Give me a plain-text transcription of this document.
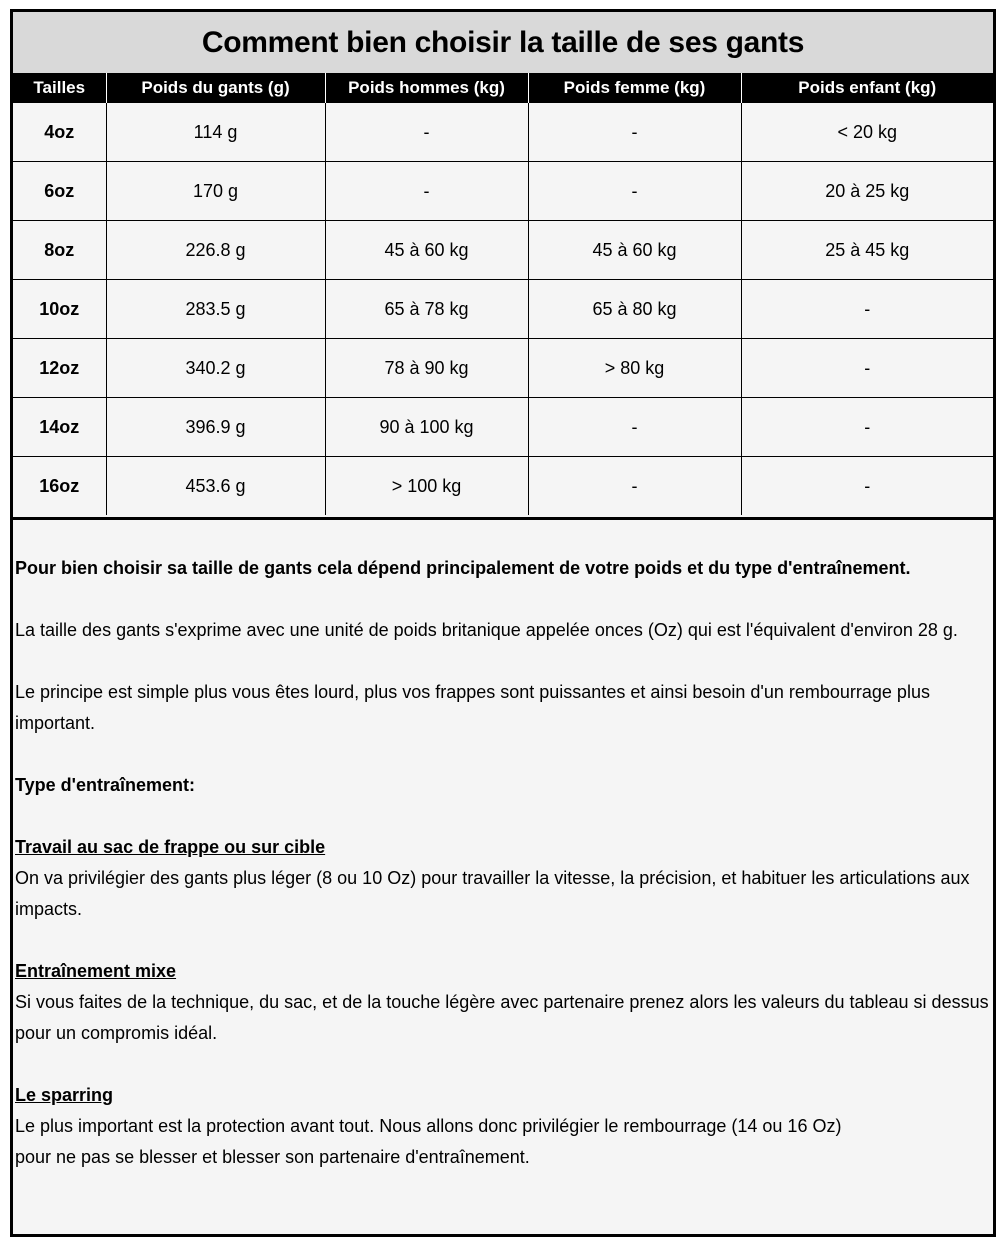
Comment bien choisir la taille de ses gants
Tailles	Poids du gants (g)	Poids hommes (kg)	Poids femme (kg)	Poids enfant (kg)
4oz	114 g	-	-	< 20 kg
6oz	170 g	-	-	20 à 25 kg
8oz	226.8 g	45 à 60 kg	45 à 60 kg	25 à 45 kg
10oz	283.5 g	65 à 78 kg	65 à 80 kg	-
12oz	340.2 g	78 à 90 kg	> 80 kg	-
14oz	396.9 g	90 à 100 kg	-	-
16oz	453.6 g	> 100 kg	-	-

Pour bien choisir sa taille de gants cela dépend principalement de votre poids et du type d'entraînement.

La taille des gants s'exprime avec une unité de poids britanique appelée onces (Oz) qui est l'équivalent d'environ 28 g.

Le principe est simple plus vous êtes lourd, plus vos frappes sont puissantes et ainsi besoin d'un rembourrage plus important.

Type d'entraînement:

Travail au sac de frappe ou sur cible
On va privilégier des gants plus léger (8 ou 10 Oz) pour travailler la vitesse, la précision, et habituer les articulations aux impacts.
Entraînement mixe
Si vous faites de la technique, du sac, et de la touche légère avec partenaire prenez alors les valeurs du tableau si dessus pour un compromis idéal.
Le sparring
Le plus important est la protection avant tout. Nous allons donc privilégier le rembourrage (14 ou 16 Oz)
pour ne pas se blesser et blesser son partenaire d'entraînement.
